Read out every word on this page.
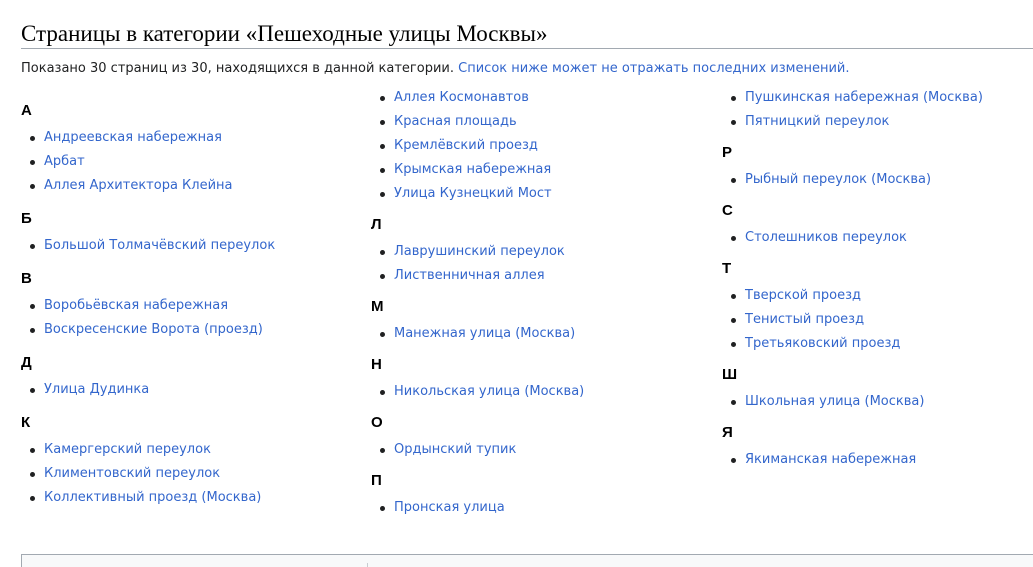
Страницы в категории «Пешеходные улицы Москвы»
Показано 30 страниц из 30, находящихся в данной категории. Список ниже может не отражать последних изменений.
А
Андреевская набережная
Арбат
Аллея Архитектора Клейна
Б
Большой Толмачёвский переулок
В
Воробьёвская набережная
Воскресенские Ворота (проезд)
Д
Улица Дудинка
К
Камергерский переулок
Климентовский переулок
Коллективный проезд (Москва)
Аллея Космонавтов
Красная площадь
Кремлёвский проезд
Крымская набережная
Улица Кузнецкий Мост
Л
Лаврушинский переулок
Лиственничная аллея
М
Манежная улица (Москва)
Н
Никольская улица (Москва)
О
Ордынский тупик
П
Пронская улица
Пушкинская набережная (Москва)
Пятницкий переулок
Р
Рыбный переулок (Москва)
С
Столешников переулок
Т
Тверской проезд
Тенистый проезд
Третьяковский проезд
Ш
Школьная улица (Москва)
Я
Якиманская набережная
